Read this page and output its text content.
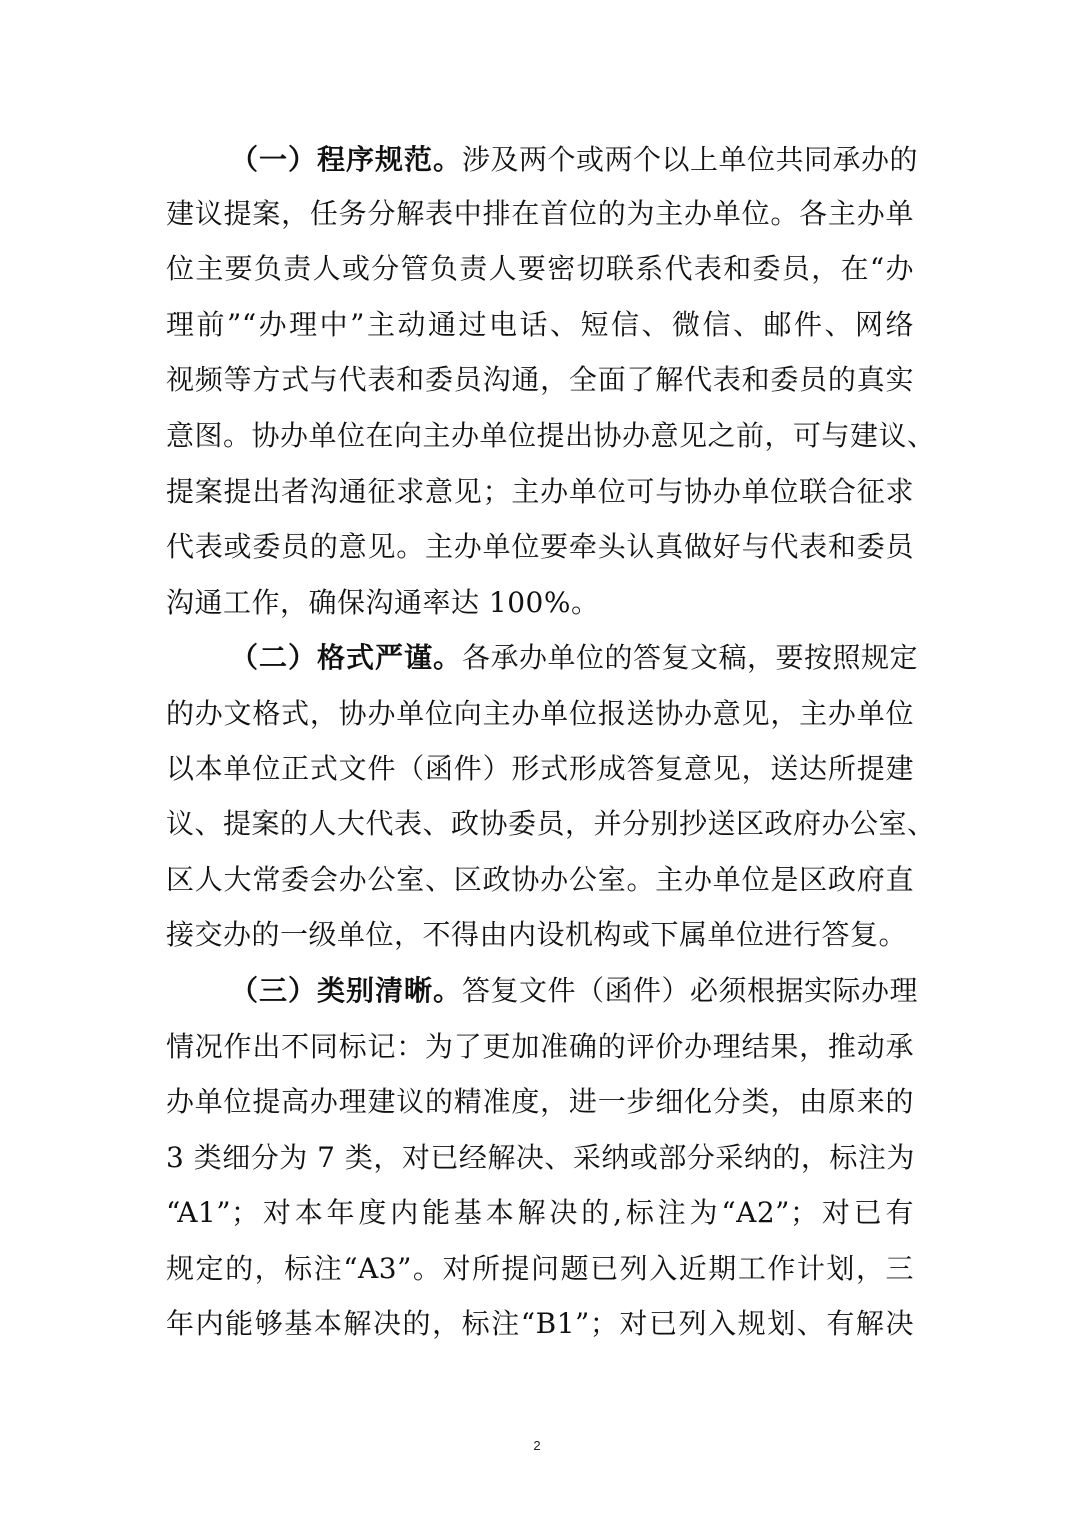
（一）程序规范。涉及两个或两个以上单位共同承办的
建议提案，任务分解表中排在首位的为主办单位。各主办单
位主要负责人或分管负责人要密切联系代表和委员，在“办
理前”“办理中”主动通过电话、短信、微信、邮件、网络
视频等方式与代表和委员沟通，全面了解代表和委员的真实
意图。协办单位在向主办单位提出协办意见之前，可与建议、
提案提出者沟通征求意见；主办单位可与协办单位联合征求
代表或委员的意见。主办单位要牵头认真做好与代表和委员
沟通工作，确保沟通率达 100%。
（二）格式严谨。各承办单位的答复文稿，要按照规定
的办文格式，协办单位向主办单位报送协办意见，主办单位
以本单位正式文件（函件）形式形成答复意见，送达所提建
议、提案的人大代表、政协委员，并分别抄送区政府办公室、
区人大常委会办公室、区政协办公室。主办单位是区政府直
接交办的一级单位，不得由内设机构或下属单位进行答复。
（三）类别清晰。答复文件（函件）必须根据实际办理
情况作出不同标记：为了更加准确的评价办理结果，推动承
办单位提高办理建议的精准度，进一步细化分类，由原来的
3 类细分为 7 类，对已经解决、采纳或部分采纳的，标注为
“A1”；对本年度内能基本解决的,标注为“A2”；对已有
规定的，标注“A3”。对所提问题已列入近期工作计划，三
年内能够基本解决的，标注“B1”；对已列入规划、有解决
2
